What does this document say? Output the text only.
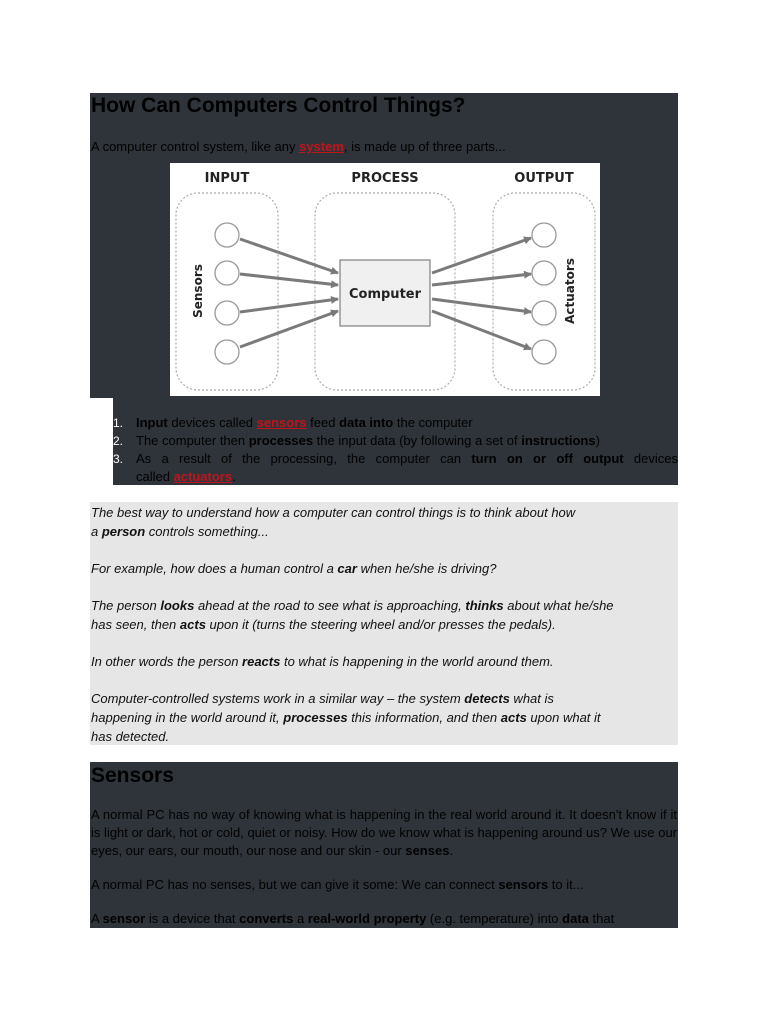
How Can Computers Control Things?
A computer control system, like any system, is made up of three parts...
INPUT	PROCESS	OUTPUT
Sensors	Actuators
Computer
1. Input devices called sensors feed data into the computer
2. The computer then processes the input data (by following a set of instructions)
3. As a result of the processing, the computer can turn on or off output devices
called actuators.

The best way to understand how a computer can control things is to think about how
a person controls something...

For example, how does a human control a car when he/she is driving?

The person looks ahead at the road to see what is approaching, thinks about what he/she
has seen, then acts upon it (turns the steering wheel and/or presses the pedals).

In other words the person reacts to what is happening in the world around them.

Computer-controlled systems work in a similar way – the system detects what is
happening in the world around it, processes this information, and then acts upon what it
has detected.

Sensors

A normal PC has no way of knowing what is happening in the real world around it. It doesn't know if it is light or dark, hot or cold, quiet or noisy. How do we know what is happening around us? We use our eyes, our ears, our mouth, our nose and our skin - our senses.

A normal PC has no senses, but we can give it some: We can connect sensors to it...

A sensor is a device that converts a real-world property (e.g. temperature) into data that
